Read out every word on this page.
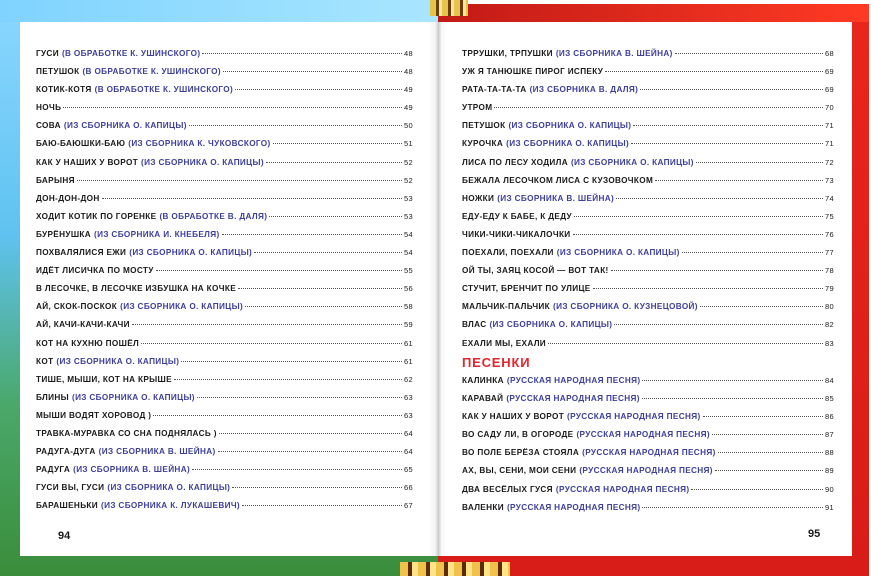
ГУСИ (В ОБРАБОТКЕ К. УШИНСКОГО)	48
ПЕТУШОК (В ОБРАБОТКЕ К. УШИНСКОГО)	48
КОТИК-КОТЯ (В ОБРАБОТКЕ К. УШИНСКОГО)	49
НОЧЬ	49
СОВА (ИЗ СБОРНИКА О. КАПИЦЫ)	50
БАЮ-БАЮШКИ-БАЮ (ИЗ СБОРНИКА К. ЧУКОВСКОГО)	51
КАК У НАШИХ У ВОРОТ (ИЗ СБОРНИКА О. КАПИЦЫ)	52
БАРЫНЯ	52
ДОН-ДОН-ДОН	53
ХОДИТ КОТИК ПО ГОРЕНКЕ (В ОБРАБОТКЕ В. ДАЛЯ)	53
БУРЁНУШКА (ИЗ СБОРНИКА И. КНЕБЕЛЯ)	54
ПОХВАЛЯЛИСЯ ЕЖИ (ИЗ СБОРНИКА О. КАПИЦЫ)	54
ИДЁТ ЛИСИЧКА ПО МОСТУ	55
В ЛЕСОЧКЕ, В ЛЕСОЧКЕ ИЗБУШКА НА КОЧКЕ	56
АЙ, СКОК-ПОСКОК (ИЗ СБОРНИКА О. КАПИЦЫ)	58
АЙ, КАЧИ-КАЧИ-КАЧИ	59
КОТ НА КУХНЮ ПОШЁЛ	61
КОТ (ИЗ СБОРНИКА О. КАПИЦЫ)	61
ТИШЕ, МЫШИ, КОТ НА КРЫШЕ	62
БЛИНЫ (ИЗ СБОРНИКА О. КАПИЦЫ)	63
МЫШИ ВОДЯТ ХОРОВОД )	63
ТРАВКА-МУРАВКА СО СНА ПОДНЯЛАСЬ )	64
РАДУГА-ДУГА (ИЗ СБОРНИКА В. ШЕЙНА)	64
РАДУГА (ИЗ СБОРНИКА В. ШЕЙНА)	65
ГУСИ ВЫ, ГУСИ (ИЗ СБОРНИКА О. КАПИЦЫ)	66
БАРАШЕНЬКИ (ИЗ СБОРНИКА К. ЛУКАШЕВИЧ)	67
94
ТРPУШКИ, ТРПУШКИ (ИЗ СБОРНИКА В. ШЕЙНА)	68
УЖ Я ТАНЮШКЕ ПИРОГ ИСПЕКУ	69
РАТА-ТА-ТА-ТА (ИЗ СБОРНИКА В. ДАЛЯ)	69
УТРОМ	70
ПЕТУШОК (ИЗ СБОРНИКА О. КАПИЦЫ)	71
КУРОЧКА (ИЗ СБОРНИКА О. КАПИЦЫ)	71
ЛИСА ПО ЛЕСУ ХОДИЛА (ИЗ СБОРНИКА О. КАПИЦЫ)	72
БЕЖАЛА ЛЕСОЧКОМ ЛИСА С КУЗОВОЧКОМ	73
НОЖКИ (ИЗ СБОРНИКА В. ШЕЙНА)	74
ЕДУ-ЕДУ К БАБЕ, К ДЕДУ	75
ЧИКИ-ЧИКИ-ЧИКАЛОЧКИ	76
ПОЕХАЛИ, ПОЕХАЛИ (ИЗ СБОРНИКА О. КАПИЦЫ)	77
ОЙ ТЫ, ЗАЯЦ КОСОЙ — ВОТ ТАК!	78
СТУЧИТ, БРЕНЧИТ ПО УЛИЦЕ	79
МАЛЬЧИК-ПАЛЬЧИК (ИЗ СБОРНИКА О. КУЗНЕЦОВОЙ)	80
ВЛАС (ИЗ СБОРНИКА О. КАПИЦЫ)	82
ЕХАЛИ МЫ, ЕХАЛИ	83
ПЕСЕНКИ
КАЛИНКА (РУССКАЯ НАРОДНАЯ ПЕСНЯ)	84
КАРАВАЙ (РУССКАЯ НАРОДНАЯ ПЕСНЯ)	85
КАК У НАШИХ У ВОРОТ (РУССКАЯ НАРОДНАЯ ПЕСНЯ)	86
ВО САДУ ЛИ, В ОГОРОДЕ (РУССКАЯ НАРОДНАЯ ПЕСНЯ)	87
ВО ПОЛЕ БЕРЁЗА СТОЯЛА (РУССКАЯ НАРОДНАЯ ПЕСНЯ)	88
АХ, ВЫ, СЕНИ, МОИ СЕНИ (РУССКАЯ НАРОДНАЯ ПЕСНЯ)	89
ДВА ВЕСЁЛЫХ ГУСЯ (РУССКАЯ НАРОДНАЯ ПЕСНЯ)	90
ВАЛЕНКИ (РУССКАЯ НАРОДНАЯ ПЕСНЯ)	91
95
